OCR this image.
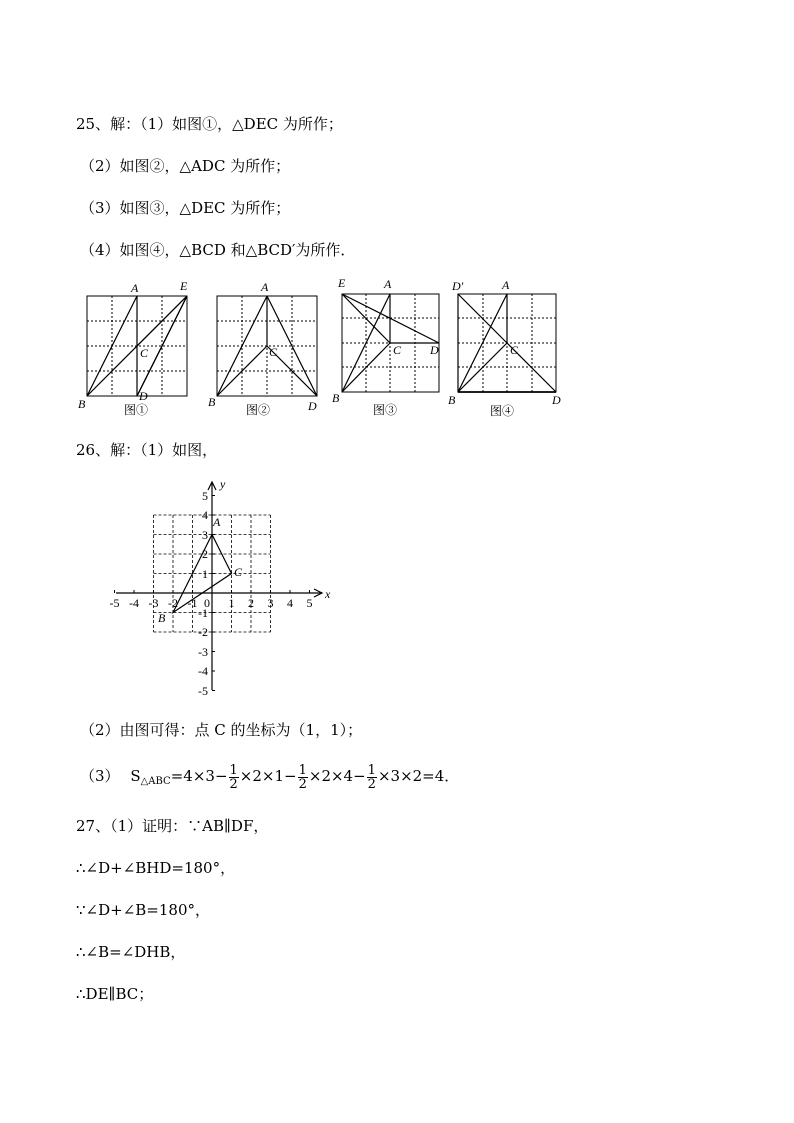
25、解：（1）如图①，△DEC 为所作；
（2）如图②，△ADC 为所作；
（3）如图③，△DEC 为所作；
（4）如图④，△BCD 和△BCD′为所作．
A	E
C
B
D
图①
A
C
B	D
图②
E	A
C D
B
图③
D′	A
C
B	D
图④
26、解：（1）如图，
-5 -4 -3 -2 -1 0 1 2 3 4 5
5
4
3
2
1
-1
-2
-3
-4
-5
x
y
A
B
C
（2）由图可得：点 C 的坐标为（1，1）；
（3） $S_{\triangle ABC}=4\times 3- \frac{1}{2} \times 2\times 1- \frac{1}{2} \times 2\times 4- \frac{1}{2} \times 3\times 2=4$．
27、（1）证明：∵AB∥DF，
∴∠D+∠BHD=180°，
∵∠D+∠B=180°，
∴∠B=∠DHB，
∴DE∥BC；
